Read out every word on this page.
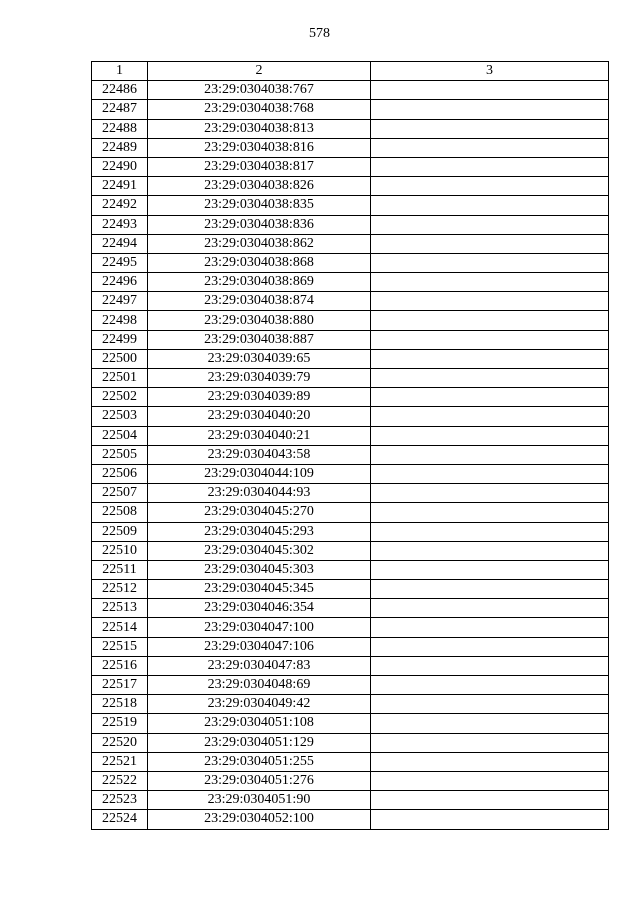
578
1	2	3
22486	23:29:0304038:767	
22487	23:29:0304038:768	
22488	23:29:0304038:813	
22489	23:29:0304038:816	
22490	23:29:0304038:817	
22491	23:29:0304038:826	
22492	23:29:0304038:835	
22493	23:29:0304038:836	
22494	23:29:0304038:862	
22495	23:29:0304038:868	
22496	23:29:0304038:869	
22497	23:29:0304038:874	
22498	23:29:0304038:880	
22499	23:29:0304038:887	
22500	23:29:0304039:65	
22501	23:29:0304039:79	
22502	23:29:0304039:89	
22503	23:29:0304040:20	
22504	23:29:0304040:21	
22505	23:29:0304043:58	
22506	23:29:0304044:109	
22507	23:29:0304044:93	
22508	23:29:0304045:270	
22509	23:29:0304045:293	
22510	23:29:0304045:302	
22511	23:29:0304045:303	
22512	23:29:0304045:345	
22513	23:29:0304046:354	
22514	23:29:0304047:100	
22515	23:29:0304047:106	
22516	23:29:0304047:83	
22517	23:29:0304048:69	
22518	23:29:0304049:42	
22519	23:29:0304051:108	
22520	23:29:0304051:129	
22521	23:29:0304051:255	
22522	23:29:0304051:276	
22523	23:29:0304051:90	
22524	23:29:0304052:100	
